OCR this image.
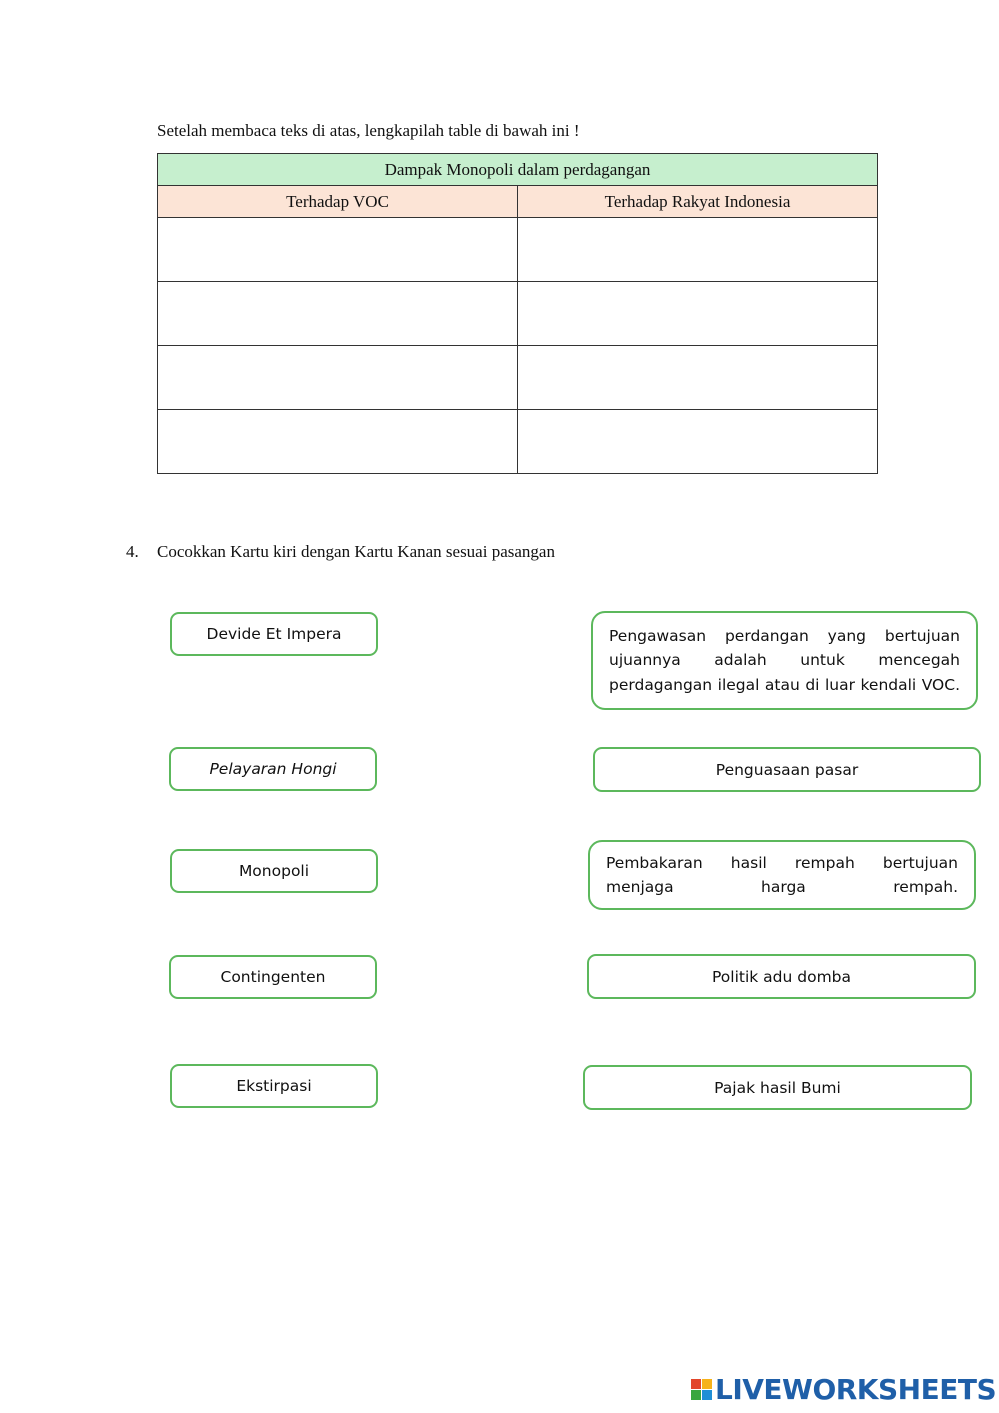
Setelah membaca teks di atas, lengkapilah table di bawah ini !
Dampak Monopoli dalam perdagangan	
Terhadap VOC	Terhadap Rakyat Indonesia

4. Cocokkan Kartu kiri dengan Kartu Kanan sesuai pasangan
Devide Et Impera
Pelayaran Hongi
Monopoli
Contingenten
Ekstirpasi
Pengawasan perdangan yang bertujuan ujuannya adalah untuk mencegah perdagangan ilegal atau di luar kendali VOC.
Penguasaan pasar
Pembakaran hasil rempah bertujuan menjaga harga rempah.
Politik adu domba
Pajak hasil Bumi
LIVEWORKSHEETS
